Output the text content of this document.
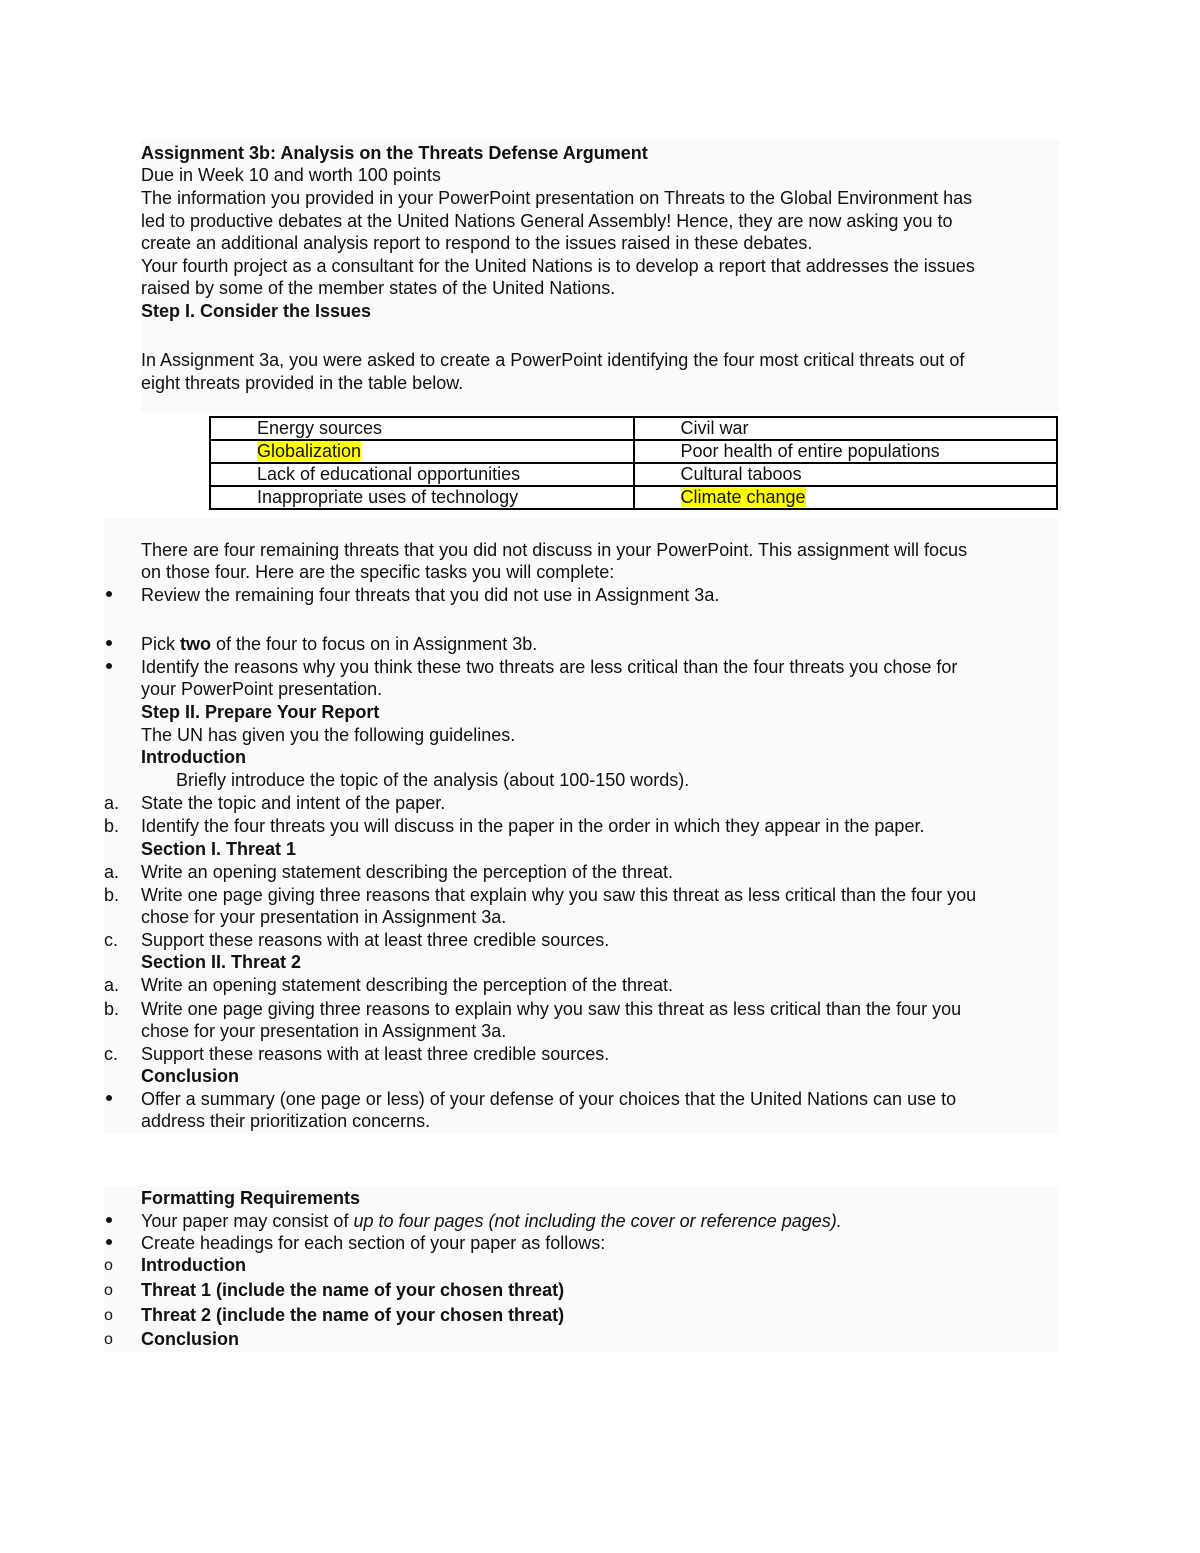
Assignment 3b: Analysis on the Threats Defense Argument
Due in Week 10 and worth 100 points
The information you provided in your PowerPoint presentation on Threats to the Global Environment has
led to productive debates at the United Nations General Assembly! Hence, they are now asking you to
create an additional analysis report to respond to the issues raised in these debates.
Your fourth project as a consultant for the United Nations is to develop a report that addresses the issues
raised by some of the member states of the United Nations.
Step I. Consider the Issues
In Assignment 3a, you were asked to create a PowerPoint identifying the four most critical threats out of
eight threats provided in the table below.
Energy sources	Civil war
Globalization	Poor health of entire populations
Lack of educational opportunities	Cultural taboos
Inappropriate uses of technology	Climate change
There are four remaining threats that you did not discuss in your PowerPoint. This assignment will focus
on those four. Here are the specific tasks you will complete:
Review the remaining four threats that you did not use in Assignment 3a.
Pick two of the four to focus on in Assignment 3b.
Identify the reasons why you think these two threats are less critical than the four threats you chose for
your PowerPoint presentation.
Step II. Prepare Your Report
The UN has given you the following guidelines.
Introduction
Briefly introduce the topic of the analysis (about 100-150 words).
a. State the topic and intent of the paper.
b. Identify the four threats you will discuss in the paper in the order in which they appear in the paper.
Section I. Threat 1
a. Write an opening statement describing the perception of the threat.
b. Write one page giving three reasons that explain why you saw this threat as less critical than the four you
chose for your presentation in Assignment 3a.
c. Support these reasons with at least three credible sources.
Section II. Threat 2
a. Write an opening statement describing the perception of the threat.
b. Write one page giving three reasons to explain why you saw this threat as less critical than the four you
chose for your presentation in Assignment 3a.
c. Support these reasons with at least three credible sources.
Conclusion
Offer a summary (one page or less) of your defense of your choices that the United Nations can use to
address their prioritization concerns.
Formatting Requirements
Your paper may consist of up to four pages (not including the cover or reference pages).
Create headings for each section of your paper as follows:
o Introduction
o Threat 1 (include the name of your chosen threat)
o Threat 2 (include the name of your chosen threat)
o Conclusion
